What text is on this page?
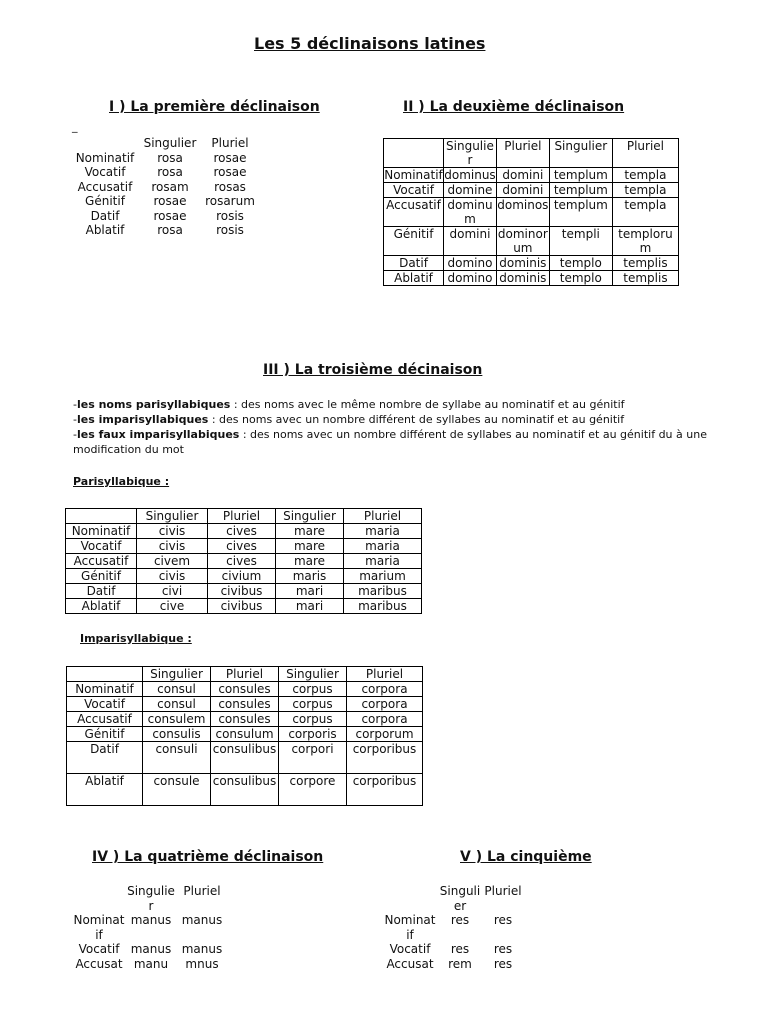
Les 5 déclinaisons latines
I ) La première déclinaison
_
	Singulier	Pluriel
Nominatif	rosa	rosae
Vocatif	rosa	rosae
Accusatif	rosam	rosas
Génitif	rosae	rosarum
Datif	rosae	rosis
Ablatif	rosa	rosis
II ) La deuxième déclinaison
	Singulier	Pluriel	Singulier	Pluriel
Nominatif	dominus	domini	templum	templa
Vocatif	domine	domini	templum	templa
Accusatif	dominum	dominos	templum	templa
Génitif	domini	dominorum	templi	templorum
Datif	domino	dominis	templo	templis
Ablatif	domino	dominis	templo	templis
III ) La troisième décinaison
-les noms parisyllabiques : des noms avec le même nombre de syllabe au nominatif et au génitif
-les imparisyllabiques : des noms avec un nombre différent de syllabes au nominatif et au génitif
-les faux imparisyllabiques : des noms avec un nombre différent de syllabes au nominatif et au génitif du à une modification du mot
Parisyllabique :
	Singulier	Pluriel	Singulier	Pluriel
Nominatif	civis	cives	mare	maria
Vocatif	civis	cives	mare	maria
Accusatif	civem	cives	mare	maria
Génitif	civis	civium	maris	marium
Datif	civi	civibus	mari	maribus
Ablatif	cive	civibus	mari	maribus
Imparisyllabique :
	Singulier	Pluriel	Singulier	Pluriel
Nominatif	consul	consules	corpus	corpora
Vocatif	consul	consules	corpus	corpora
Accusatif	consulem	consules	corpus	corpora
Génitif	consulis	consulum	corporis	corporum
Datif	consuli	consulibus	corpori	corporibus
Ablatif	consule	consulibus	corpore	corporibus
IV ) La quatrième déclinaison
	Singulier	Pluriel
Nominatif	manus	manus
Vocatif	manus	manus
Accusat	manu	mnus
V ) La cinquième
	Singulier	Pluriel
Nominatif	res	res
Vocatif	res	res
Accusat	rem	res
